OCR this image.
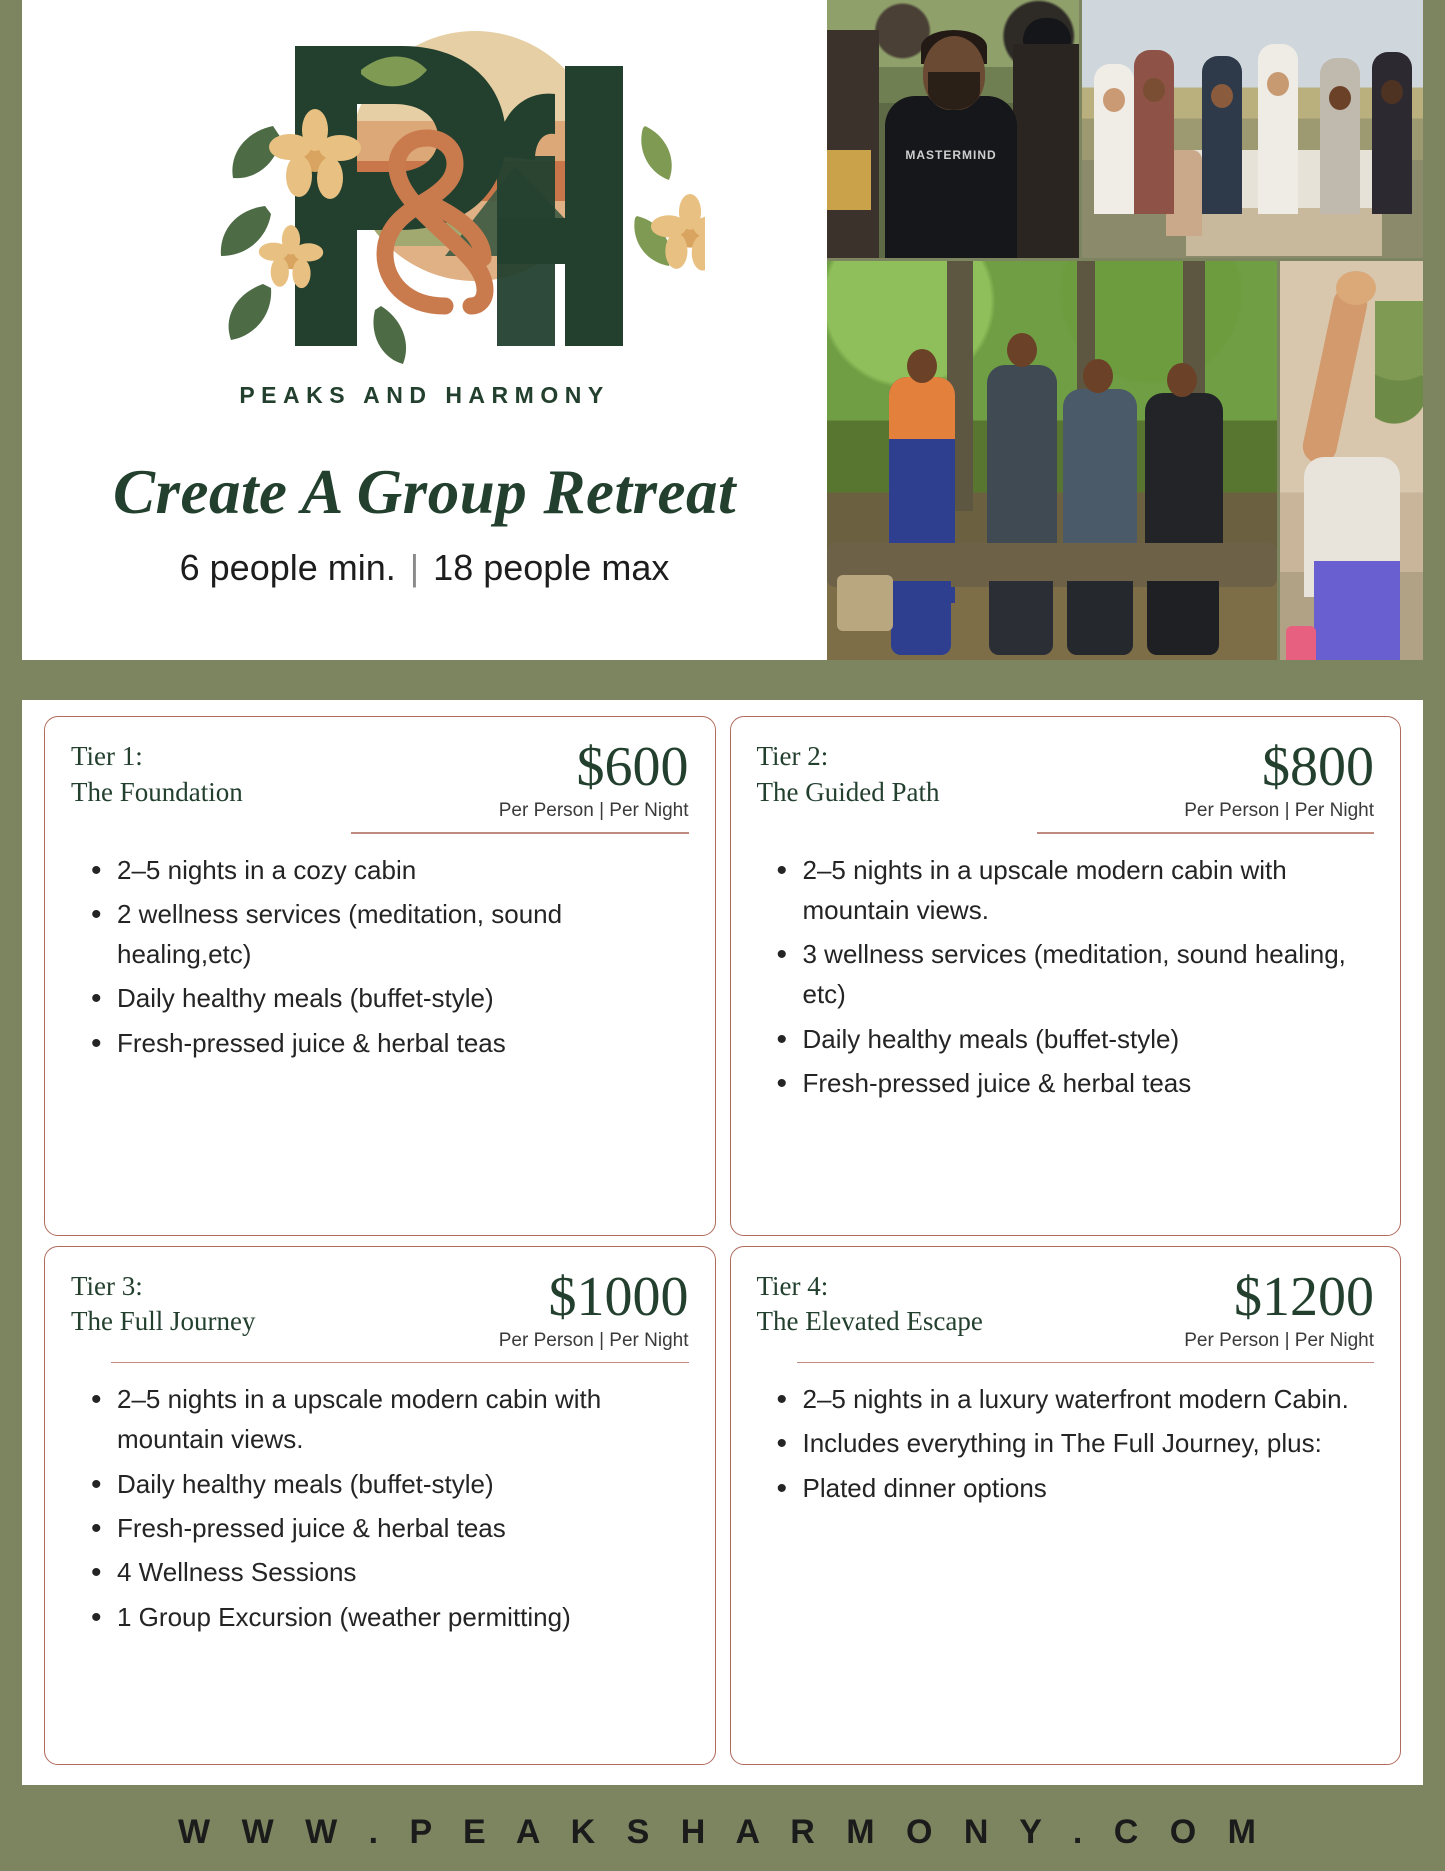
PEAKS AND HARMONY
Create A Group Retreat
6 people min. | 18 people max
MASTERMIND
Tier 1:
The Foundation	$600
Per Person | Per Night
• 2–5 nights in a cozy cabin
• 2 wellness services (meditation, sound healing,etc)
• Daily healthy meals (buffet-style)
• Fresh-pressed juice & herbal teas
Tier 2:
The Guided Path	$800
Per Person | Per Night
• 2–5 nights in a upscale modern cabin with mountain views.
• 3 wellness services (meditation, sound healing, etc)
• Daily healthy meals (buffet-style)
• Fresh-pressed juice & herbal teas
Tier 3:
The Full Journey	$1000
Per Person | Per Night
• 2–5 nights in a upscale modern cabin with mountain views.
• Daily healthy meals (buffet-style)
• Fresh-pressed juice & herbal teas
• 4 Wellness Sessions
• 1 Group Excursion (weather permitting)
Tier 4:
The Elevated Escape	$1200
Per Person | Per Night
• 2–5 nights in a luxury waterfront modern Cabin.
• Includes everything in The Full Journey, plus:
• Plated dinner options
W W W . P E A K S H A R M O N Y . C O M
